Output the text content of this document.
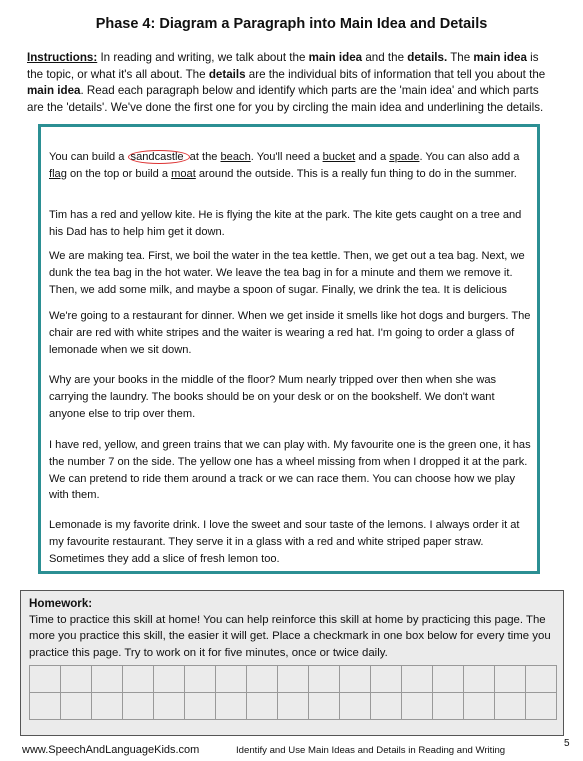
Phase 4: Diagram a Paragraph into Main Idea and Details
Instructions: In reading and writing, we talk about the main idea and the details. The main idea is the topic, or what it's all about. The details are the individual bits of information that tell you about the main idea. Read each paragraph below and identify which parts are the 'main idea' and which parts are the 'details'. We've done the first one for you by circling the main idea and underlining the details.

You can build a sandcastle at the beach. You'll need a bucket and a spade. You can also add a flag on the top or build a moat around the outside. This is a really fun thing to do in the summer.

Tim has a red and yellow kite. He is flying the kite at the park. The kite gets caught on a tree and his Dad has to help him get it down.

We are making tea. First, we boil the water in the tea kettle. Then, we get out a tea bag. Next, we dunk the tea bag in the hot water. We leave the tea bag in for a minute and them we remove it. Then, we add some milk, and maybe a spoon of sugar. Finally, we drink the tea. It is delicious

We're going to a restaurant for dinner. When we get inside it smells like hot dogs and burgers. The chair are red with white stripes and the waiter is wearing a red hat. I'm going to order a glass of lemonade when we sit down.

Why are your books in the middle of the floor? Mum nearly tripped over then when she was carrying the laundry. The books should be on your desk or on the bookshelf. We don't want anyone else to trip over them.

I have red, yellow, and green trains that we can play with. My favourite one is the green one, it has the number 7 on the side. The yellow one has a wheel missing from when I dropped it at the park. We can pretend to ride them around a track or we can race them. You can choose how we play with them.

Lemonade is my favorite drink. I love the sweet and sour taste of the lemons. I always order it at my favourite restaurant. They serve it in a glass with a red and white striped paper straw. Sometimes they add a slice of fresh lemon too.

Homework:
Time to practice this skill at home! You can help reinforce this skill at home by practicing this page. The more you practice this skill, the easier it will get. Place a checkmark in one box below for every time you practice this page. Try to work on it for five minutes, once or twice daily.

www.SpeechAndLanguageKids.com	Identify and Use Main Ideas and Details in Reading and Writing
5
